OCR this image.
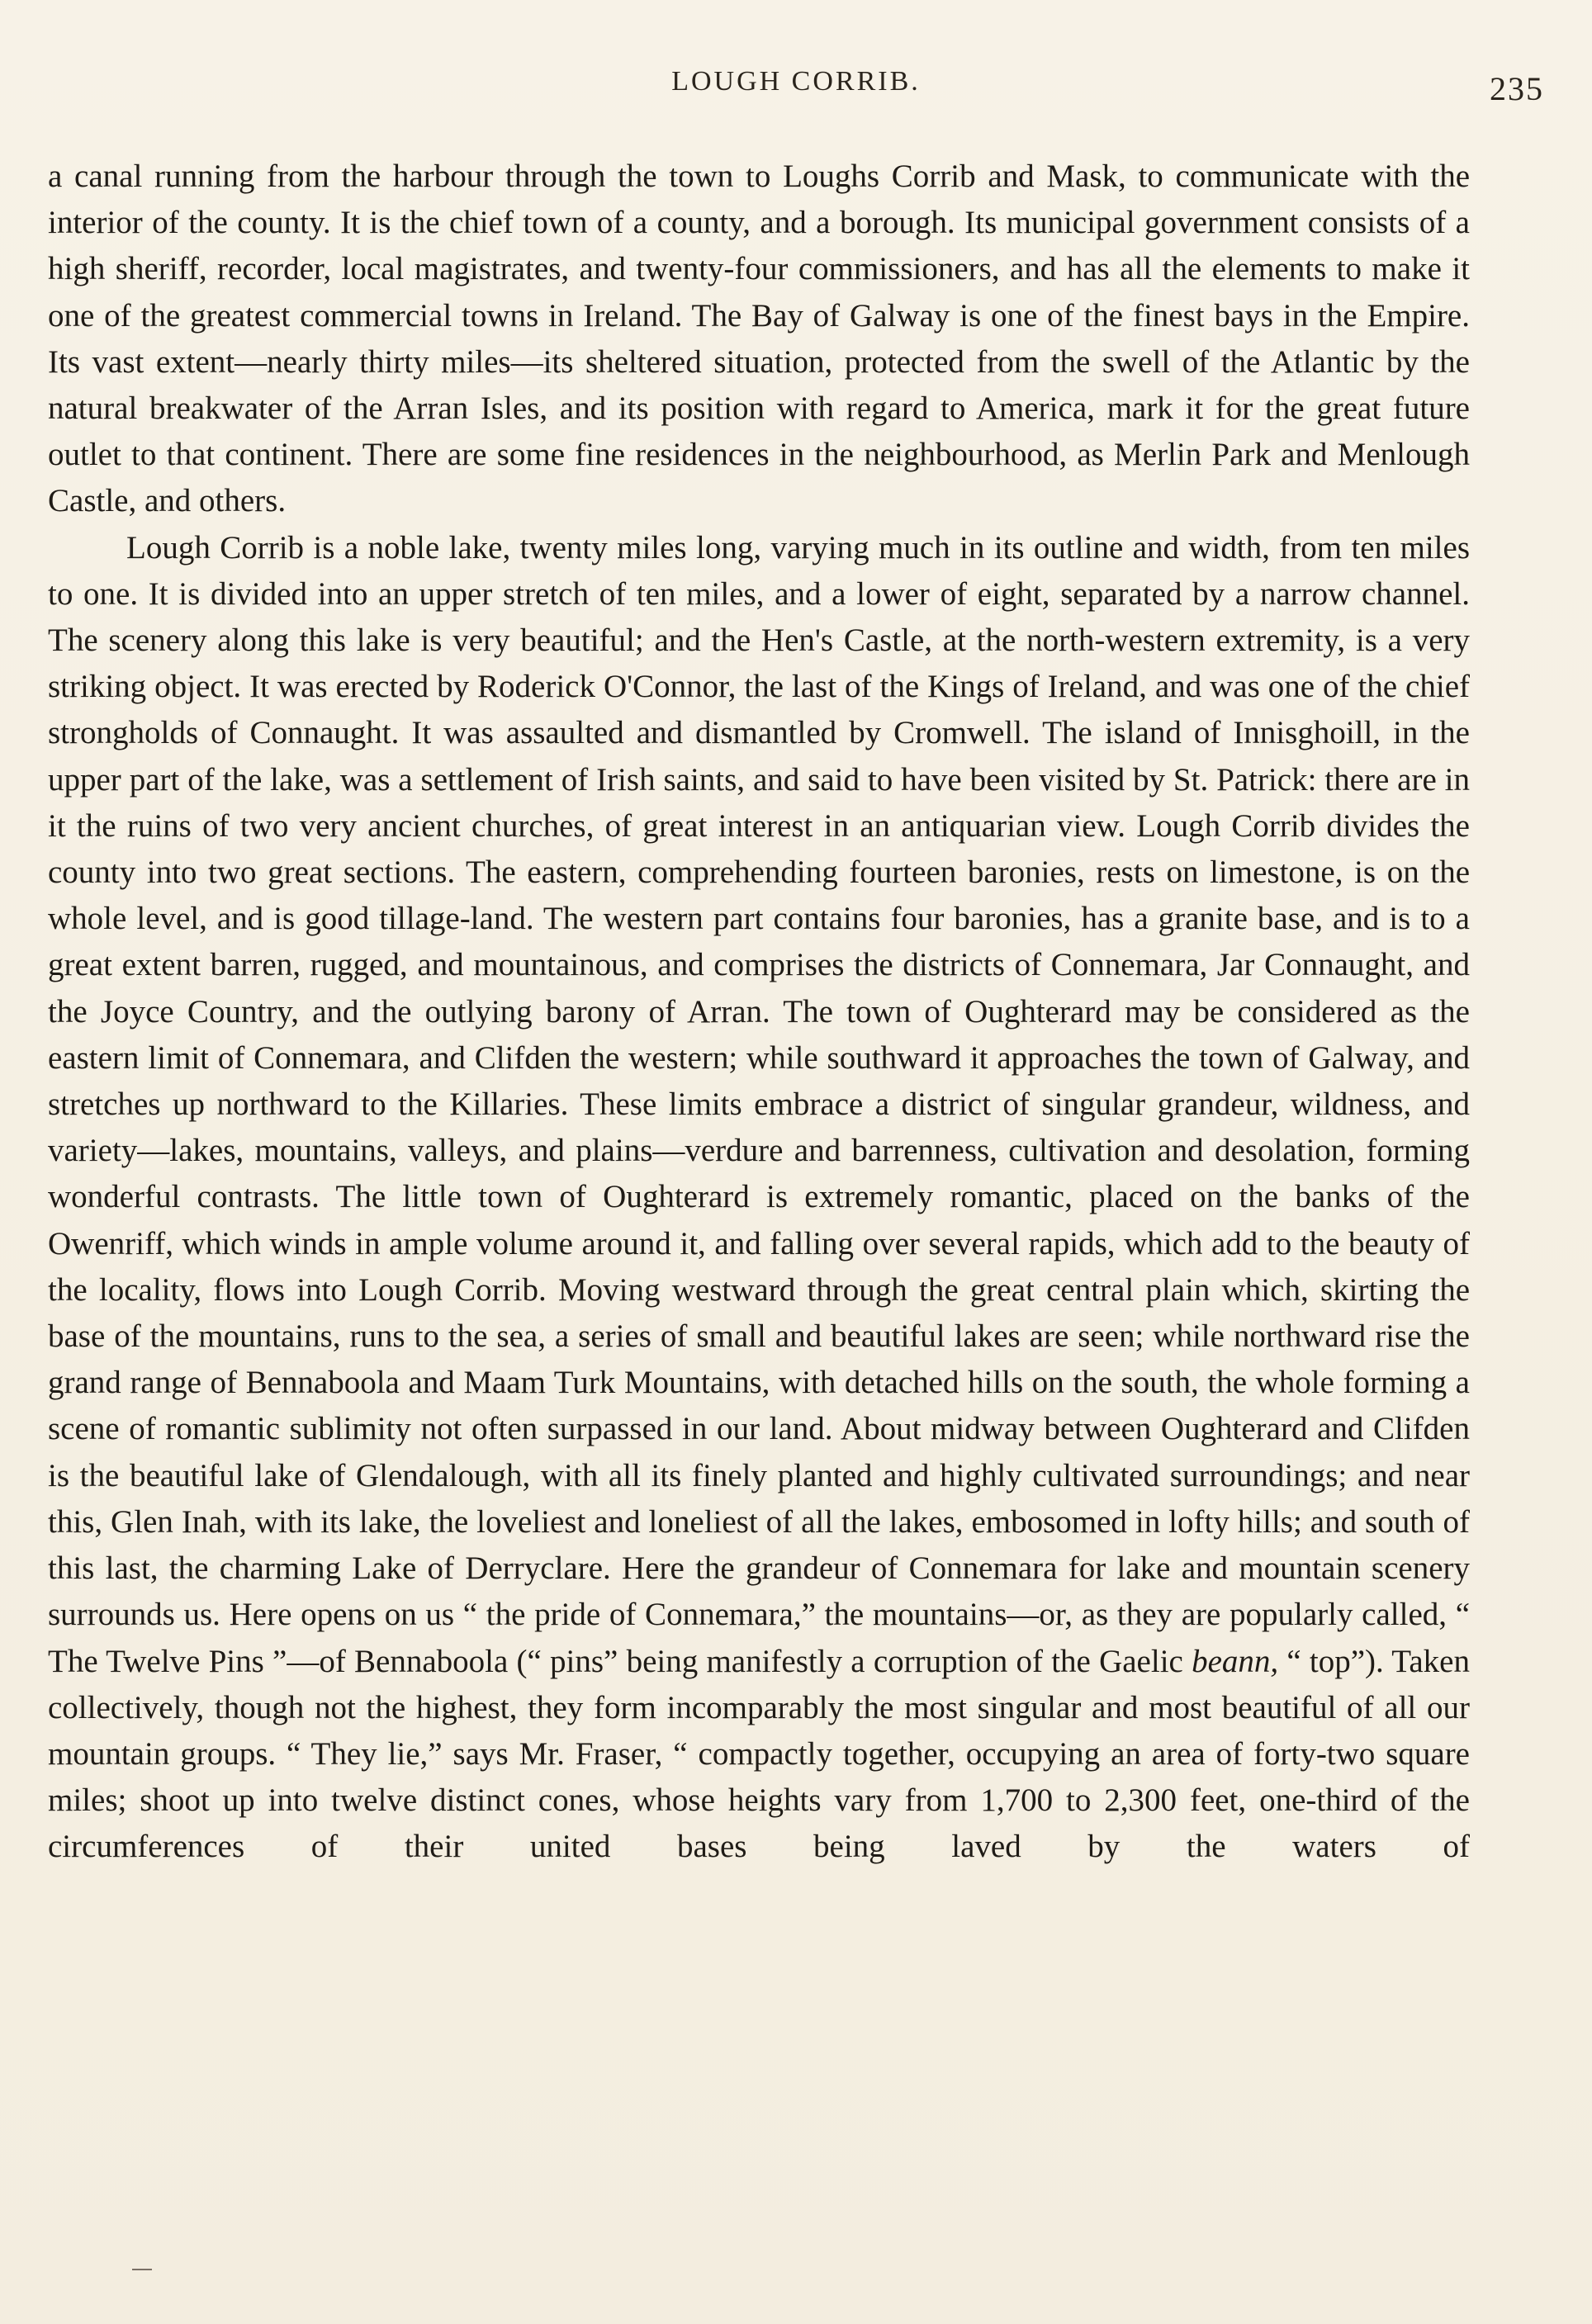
LOUGH CORRIB.	235

a canal running from the harbour through the town to Loughs Corrib and Mask, to communicate with the interior of the county. It is the chief town of a county, and a borough. Its municipal government consists of a high sheriff, recorder, local magistrates, and twenty-four commissioners, and has all the elements to make it one of the greatest commercial towns in Ireland. The Bay of Galway is one of the finest bays in the Empire. Its vast extent—nearly thirty miles—its sheltered situation, protected from the swell of the Atlantic by the natural breakwater of the Arran Isles, and its position with regard to America, mark it for the great future outlet to that continent. There are some fine residences in the neighbourhood, as Merlin Park and Menlough Castle, and others.

Lough Corrib is a noble lake, twenty miles long, varying much in its outline and width, from ten miles to one. It is divided into an upper stretch of ten miles, and a lower of eight, separated by a narrow channel. The scenery along this lake is very beautiful; and the Hen's Castle, at the north-western extremity, is a very striking object. It was erected by Roderick O'Connor, the last of the Kings of Ireland, and was one of the chief strongholds of Connaught. It was assaulted and dismantled by Cromwell. The island of Innisghoill, in the upper part of the lake, was a settlement of Irish saints, and said to have been visited by St. Patrick: there are in it the ruins of two very ancient churches, of great interest in an antiquarian view. Lough Corrib divides the county into two great sections. The eastern, comprehending fourteen baronies, rests on limestone, is on the whole level, and is good tillage-land. The western part contains four baronies, has a granite base, and is to a great extent barren, rugged, and mountainous, and comprises the districts of Connemara, Jar Connaught, and the Joyce Country, and the outlying barony of Arran. The town of Oughterard may be considered as the eastern limit of Connemara, and Clifden the western; while southward it approaches the town of Galway, and stretches up northward to the Killaries. These limits embrace a district of singular grandeur, wildness, and variety—lakes, mountains, valleys, and plains—verdure and barrenness, cultivation and desolation, forming wonderful contrasts. The little town of Oughterard is extremely romantic, placed on the banks of the Owenriff, which winds in ample volume around it, and falling over several rapids, which add to the beauty of the locality, flows into Lough Corrib. Moving westward through the great central plain which, skirting the base of the mountains, runs to the sea, a series of small and beautiful lakes are seen; while northward rise the grand range of Bennaboola and Maam Turk Mountains, with detached hills on the south, the whole forming a scene of romantic sublimity not often surpassed in our land. About midway between Oughterard and Clifden is the beautiful lake of Glendalough, with all its finely planted and highly cultivated surroundings; and near this, Glen Inah, with its lake, the loveliest and loneliest of all the lakes, embosomed in lofty hills; and south of this last, the charming Lake of Derryclare. Here the grandeur of Connemara for lake and mountain scenery surrounds us. Here opens on us “ the pride of Connemara,” the mountains—or, as they are popularly called, “ The Twelve Pins ”—of Bennaboola (“ pins” being manifestly a corruption of the Gaelic beann, “ top”). Taken collectively, though not the highest, they form incomparably the most singular and most beautiful of all our mountain groups. “ They lie,” says Mr. Fraser, “ compactly together, occupying an area of forty-two square miles; shoot up into twelve distinct cones, whose heights vary from 1,700 to 2,300 feet, one-third of the circumferences of their united bases being laved by the waters of
